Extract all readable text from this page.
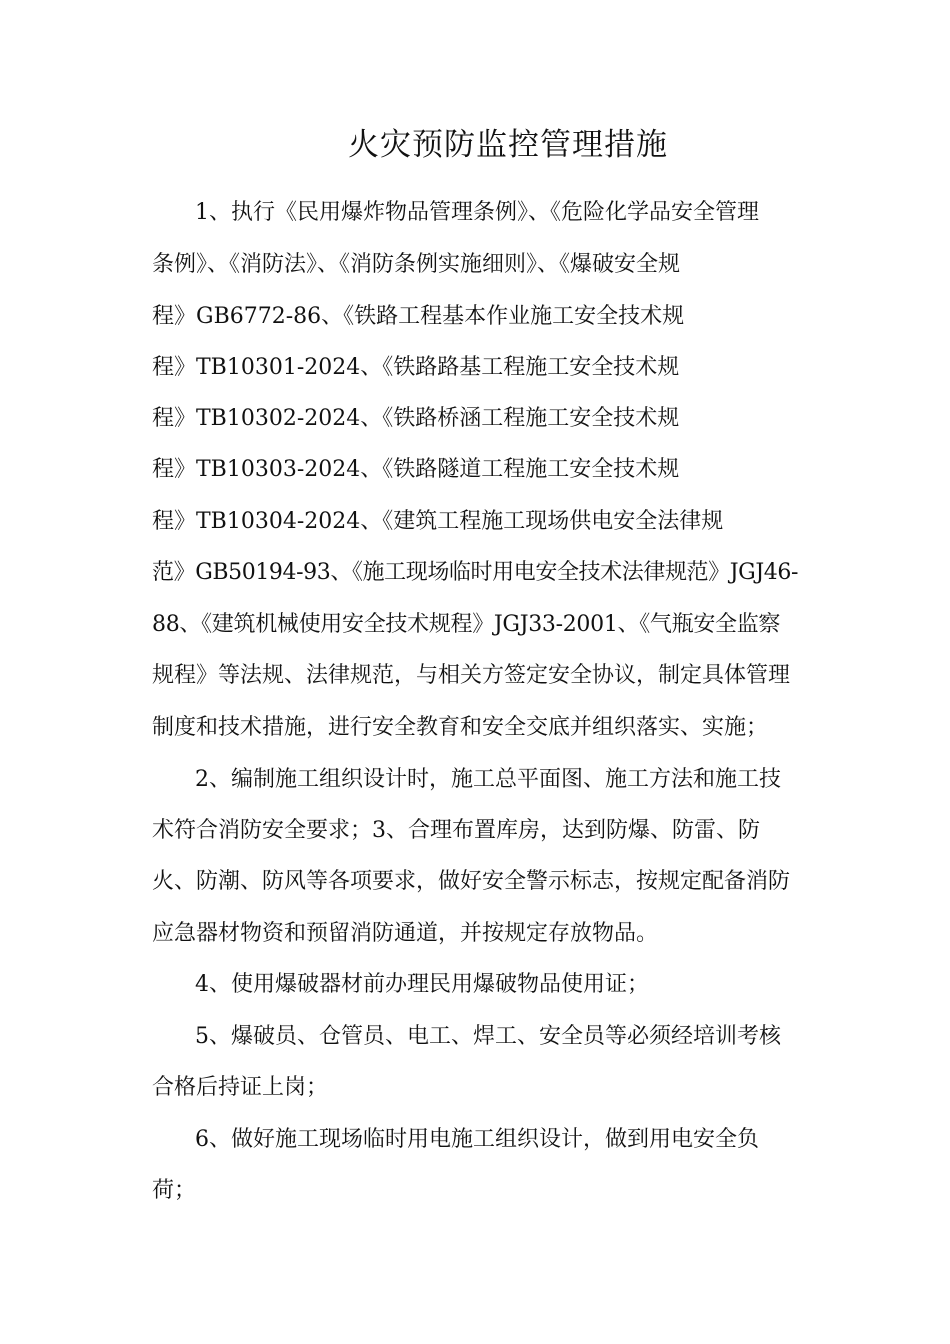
火灾预防监控管理措施

1、执行《民用爆炸物品管理条例》、《危险化学品安全管理

条例》、《消防法》、《消防条例实施细则》、《爆破安全规

程》GB6772-86、《铁路工程基本作业施工安全技术规

程》TB10301-2024、《铁路路基工程施工安全技术规

程》TB10302-2024、《铁路桥涵工程施工安全技术规

程》TB10303-2024、《铁路隧道工程施工安全技术规

程》TB10304-2024、《建筑工程施工现场供电安全法律规

范》GB50194-93、《施工现场临时用电安全技术法律规范》JGJ46-

88、《建筑机械使用安全技术规程》JGJ33-2001、《气瓶安全监察

规程》等法规、法律规范，与相关方签定安全协议，制定具体管理

制度和技术措施，进行安全教育和安全交底并组织落实、实施；

2、编制施工组织设计时，施工总平面图、施工方法和施工技

术符合消防安全要求；3、合理布置库房，达到防爆、防雷、防

火、防潮、防风等各项要求，做好安全警示标志，按规定配备消防

应急器材物资和预留消防通道，并按规定存放物品。

4、使用爆破器材前办理民用爆破物品使用证；

5、爆破员、仓管员、电工、焊工、安全员等必须经培训考核

合格后持证上岗；

6、做好施工现场临时用电施工组织设计，做到用电安全负

荷；
